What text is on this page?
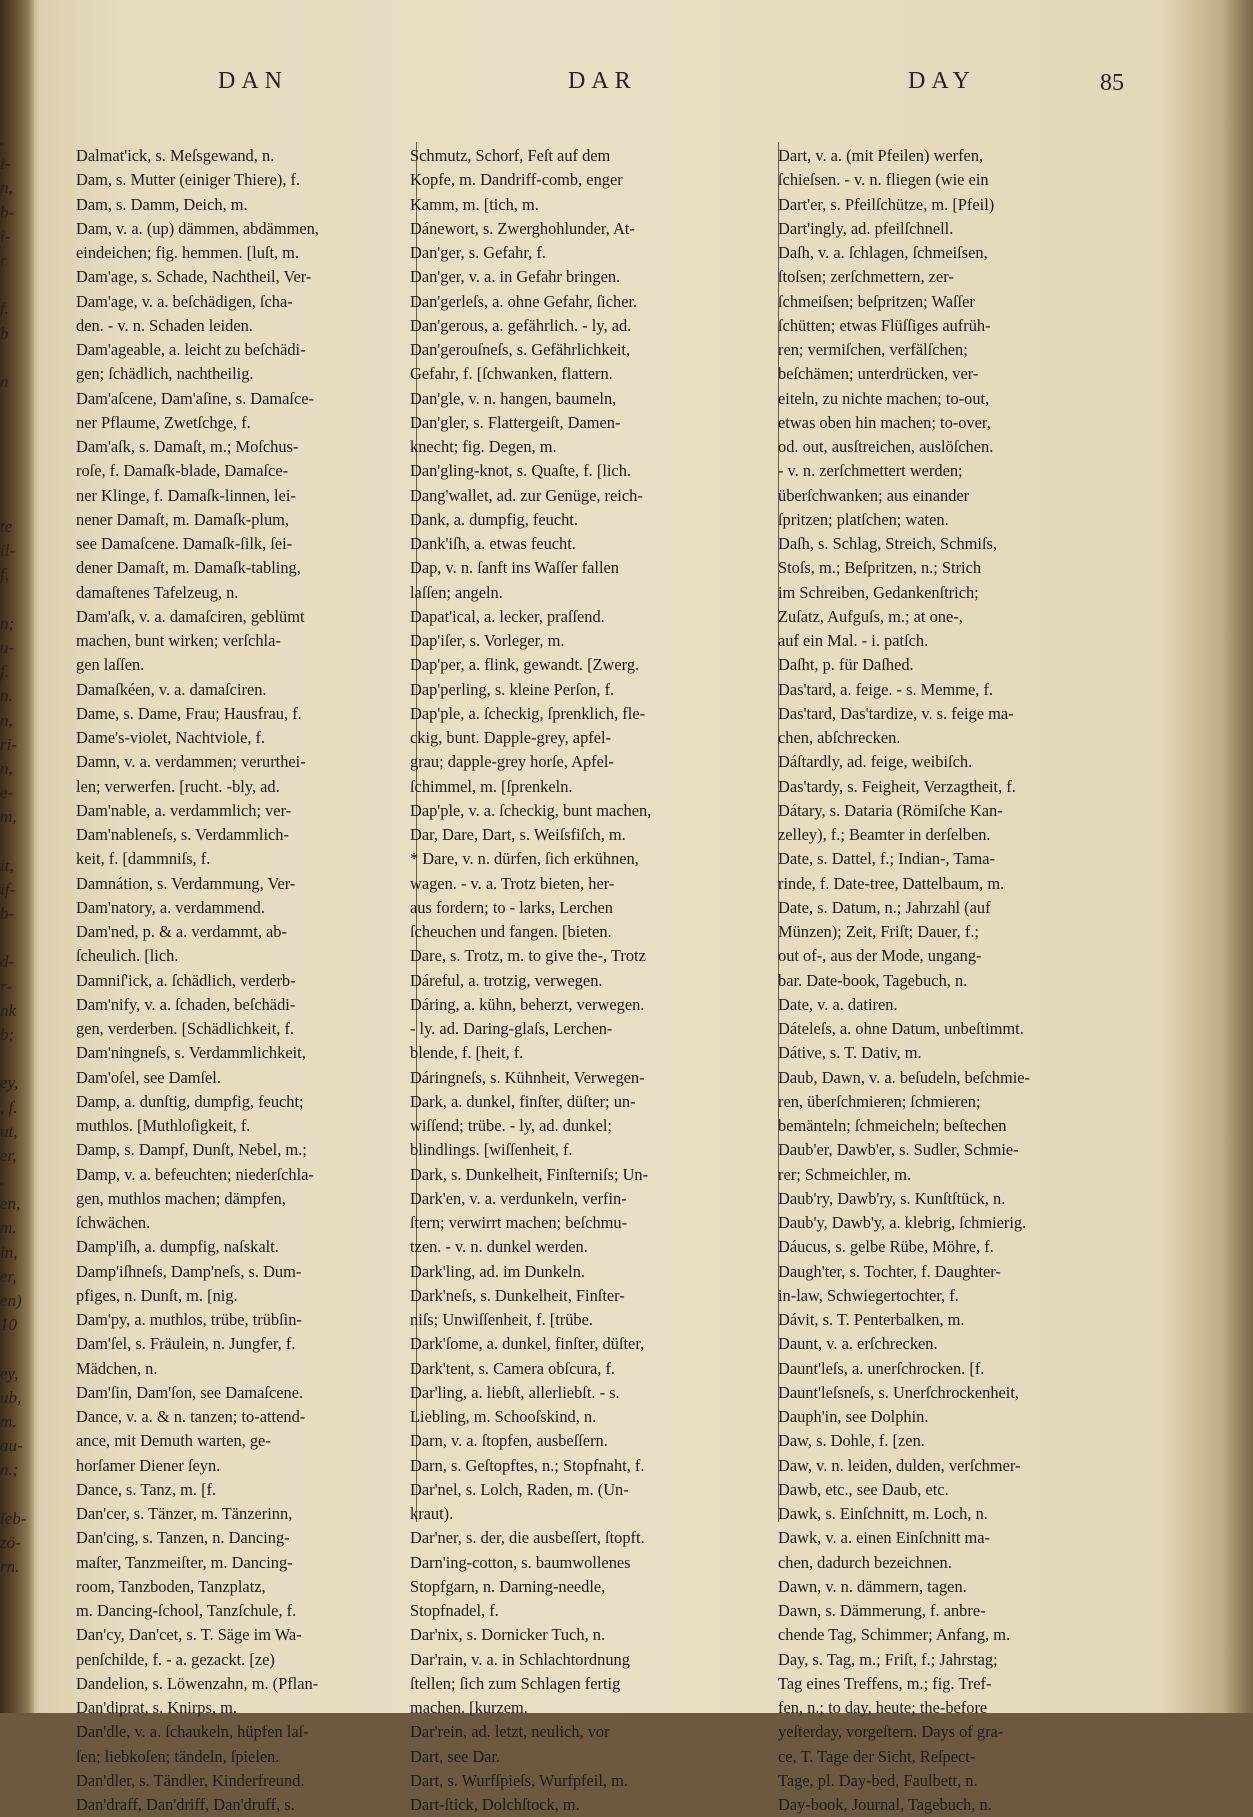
.
i-
n,
b-
i-
r
f.
b
n
te
il-
f,
n;
u-
f.
n.
n,
ri-
n,
e-
m,
it,
if-
b-
d-
r-
nk
b;
ey,
, f.
ut,
er,
.
en,
m.
in,
er,
en)
10
ey,
ub,
m.
au-
n.;
ieb-
zö-
rn.
DAN	DAR	DAY	85
Dalmat'ick, s. Meſsgewand, n.
Dam, s. Mutter (einiger Thiere), f.
Dam, s. Damm, Deich, m.
Dam, v. a. (up) dämmen, abdämmen,
eindeichen; fig. hemmen. [luſt, m.
Dam'age, s. Schade, Nachtheil, Ver-
Dam'age, v. a. beſchädigen, ſcha-
den. - v. n. Schaden leiden.
Dam'ageable, a. leicht zu beſchädi-
gen; ſchädlich, nachtheilig.
Dam'aſcene, Dam'aſine, s. Damaſce-
ner Pflaume, Zwetſchge, f.
Dam'aſk, s. Damaſt, m.; Moſchus-
roſe, f. Damaſk-blade, Damaſce-
ner Klinge, f. Damaſk-linnen, lei-
nener Damaſt, m. Damaſk-plum,
see Damaſcene. Damaſk-ſilk, ſei-
dener Damaſt, m. Damaſk-tabling,
damaſtenes Tafelzeug, n.
Dam'aſk, v. a. damaſciren, geblümt
machen, bunt wirken; verſchla-
gen laſſen.
Damaſkéen, v. a. damaſciren.
Dame, s. Dame, Frau; Hausfrau, f.
Dame's-violet, Nachtviole, f.
Damn, v. a. verdammen; verurthei-
len; verwerfen. [rucht. -bly, ad.
Dam'nable, a. verdammlich; ver-
Dam'nableneſs, s. Verdammlich-
keit, f. [dammniſs, f.
Damnátion, s. Verdammung, Ver-
Dam'natory, a. verdammend.
Dam'ned, p. & a. verdammt, ab-
ſcheulich. [lich.
Damniſ'ick, a. ſchädlich, verderb-
Dam'nify, v. a. ſchaden, beſchädi-
gen, verderben. [Schädlichkeit, f.
Dam'ningneſs, s. Verdammlichkeit,
Dam'oſel, see Damſel.
Damp, a. dunſtig, dumpfig, feucht;
muthlos. [Muthloſigkeit, f.
Damp, s. Dampf, Dunſt, Nebel, m.;
Damp, v. a. befeuchten; niederſchla-
gen, muthlos machen; dämpfen,
ſchwächen.
Damp'iſh, a. dumpfig, naſskalt.
Damp'iſhneſs, Damp'neſs, s. Dum-
pfiges, n. Dunſt, m. [nig.
Dam'py, a. muthlos, trübe, trübſin-
Dam'ſel, s. Fräulein, n. Jungfer, f.
Mädchen, n.
Dam'ſin, Dam'ſon, see Damaſcene.
Dance, v. a. & n. tanzen; to-attend-
ance, mit Demuth warten, ge-
horſamer Diener ſeyn.
Dance, s. Tanz, m. [f.
Dan'cer, s. Tänzer, m. Tänzerinn,
Dan'cing, s. Tanzen, n. Dancing-
maſter, Tanzmeiſter, m. Dancing-
room, Tanzboden, Tanzplatz,
m. Dancing-ſchool, Tanzſchule, f.
Dan'cy, Dan'cet, s. T. Säge im Wa-
penſchilde, f. - a. gezackt. [ze)
Dandelion, s. Löwenzahn, m. (Pflan-
Dan'diprat, s. Knirps, m.
Dan'dle, v. a. ſchaukeln, hüpfen laſ-
ſen; liebkoſen; tändeln, ſpielen.
Dan'dler, s. Tändler, Kinderfreund.
Dan'draff, Dan'driff, Dan'druff, s.
Schmutz, Schorf, Feſt auf dem
Kopfe, m. Dandriff-comb, enger
Kamm, m. [tich, m.
Dánewort, s. Zwerghohlunder, At-
Dan'ger, s. Gefahr, f.
Dan'ger, v. a. in Gefahr bringen.
Dan'gerleſs, a. ohne Gefahr, ſicher.
Dan'gerous, a. gefährlich. - ly, ad.
Dan'gerouſneſs, s. Gefährlichkeit,
Gefahr, f. [ſchwanken, flattern.
Dan'gle, v. n. hangen, baumeln,
Dan'gler, s. Flattergeiſt, Damen-
knecht; fig. Degen, m.
Dan'gling-knot, s. Quaſte, f. [lich.
Dang'wallet, ad. zur Genüge, reich-
Dank, a. dumpfig, feucht.
Dank'iſh, a. etwas feucht.
Dap, v. n. ſanft ins Waſſer fallen
laſſen; angeln.
Dapat'ical, a. lecker, praſſend.
Dap'iſer, s. Vorleger, m.
Dap'per, a. flink, gewandt. [Zwerg.
Dap'perling, s. kleine Perſon, f.
Dap'ple, a. ſcheckig, ſprenklich, fle-
ckig, bunt. Dapple-grey, apfel-
grau; dapple-grey horſe, Apfel-
ſchimmel, m. [ſprenkeln.
Dap'ple, v. a. ſcheckig, bunt machen,
Dar, Dare, Dart, s. Weiſsfiſch, m.
* Dare, v. n. dürfen, ſich erkühnen,
wagen. - v. a. Trotz bieten, her-
aus fordern; to - larks, Lerchen
ſcheuchen und fangen. [bieten.
Dare, s. Trotz, m. to give the-, Trotz
Dáreful, a. trotzig, verwegen.
Dáring, a. kühn, beherzt, verwegen.
- ly. ad. Daring-glaſs, Lerchen-
blende, f. [heit, f.
Dáringneſs, s. Kühnheit, Verwegen-
Dark, a. dunkel, finſter, düſter; un-
wiſſend; trübe. - ly, ad. dunkel;
blindlings. [wiſſenheit, f.
Dark, s. Dunkelheit, Finſterniſs; Un-
Dark'en, v. a. verdunkeln, verfin-
ſtern; verwirrt machen; beſchmu-
tzen. - v. n. dunkel werden.
Dark'ling, ad. im Dunkeln.
Dark'neſs, s. Dunkelheit, Finſter-
niſs; Unwiſſenheit, f. [trübe.
Dark'ſome, a. dunkel, finſter, düſter,
Dark'tent, s. Camera obſcura, f.
Dar'ling, a. liebſt, allerliebſt. - s.
Liebling, m. Schooſskind, n.
Darn, v. a. ſtopfen, ausbeſſern.
Darn, s. Geſtopftes, n.; Stopfnaht, f.
Dar'nel, s. Lolch, Raden, m. (Un-
kraut).
Dar'ner, s. der, die ausbeſſert, ſtopft.
Darn'ing-cotton, s. baumwollenes
Stopfgarn, n. Darning-needle,
Stopfnadel, f.
Dar'nix, s. Dornicker Tuch, n.
Dar'rain, v. a. in Schlachtordnung
ſtellen; ſich zum Schlagen fertig
machen. [kurzem.
Dar'rein, ad. letzt, neulich, vor
Dart, see Dar.
Dart, s. Wurfſpieſs, Wurfpfeil, m.
Dart-ſtick, Dolchſtock, m.
Dart, v. a. (mit Pfeilen) werfen,
ſchieſsen. - v. n. fliegen (wie ein
Dart'er, s. Pfeilſchütze, m. [Pfeil)
Dart'ingly, ad. pfeilſchnell.
Daſh, v. a. ſchlagen, ſchmeiſsen,
ſtoſsen; zerſchmettern, zer-
ſchmeiſsen; beſpritzen; Waſſer
ſchütten; etwas Flüſſiges aufrüh-
ren; vermiſchen, verfälſchen;
beſchämen; unterdrücken, ver-
eiteln, zu nichte machen; to-out,
etwas oben hin machen; to-over,
od. out, ausſtreichen, auslöſchen.
- v. n. zerſchmettert werden;
überſchwanken; aus einander
ſpritzen; platſchen; waten.
Daſh, s. Schlag, Streich, Schmiſs,
Stoſs, m.; Beſpritzen, n.; Strich
im Schreiben, Gedankenſtrich;
Zuſatz, Aufguſs, m.; at one-,
auf ein Mal. - i. patſch.
Daſht, p. für Daſhed.
Das'tard, a. feige. - s. Memme, f.
Das'tard, Das'tardize, v. s. feige ma-
chen, abſchrecken.
Dáſtardly, ad. feige, weibiſch.
Das'tardy, s. Feigheit, Verzagtheit, f.
Dátary, s. Dataria (Römiſche Kan-
zelley), f.; Beamter in derſelben.
Date, s. Dattel, f.; Indian-, Tama-
rinde, f. Date-tree, Dattelbaum, m.
Date, s. Datum, n.; Jahrzahl (auf
Münzen); Zeit, Friſt; Dauer, f.;
out of-, aus der Mode, ungang-
bar. Date-book, Tagebuch, n.
Date, v. a. datiren.
Dáteleſs, a. ohne Datum, unbeſtimmt.
Dátive, s. T. Dativ, m.
Daub, Dawn, v. a. beſudeln, beſchmie-
ren, überſchmieren; ſchmieren;
bemänteln; ſchmeicheln; beſtechen
Daub'er, Dawb'er, s. Sudler, Schmie-
rer; Schmeichler, m.
Daub'ry, Dawb'ry, s. Kunſtſtück, n.
Daub'y, Dawb'y, a. klebrig, ſchmierig.
Dáucus, s. gelbe Rübe, Möhre, f.
Daugh'ter, s. Tochter, f. Daughter-
in-law, Schwiegertochter, f.
Dávit, s. T. Penterbalken, m.
Daunt, v. a. erſchrecken.
Daunt'leſs, a. unerſchrocken. [f.
Daunt'leſsneſs, s. Unerſchrockenheit,
Dauph'in, see Dolphin.
Daw, s. Dohle, f. [zen.
Daw, v. n. leiden, dulden, verſchmer-
Dawb, etc., see Daub, etc.
Dawk, s. Einſchnitt, m. Loch, n.
Dawk, v. a. einen Einſchnitt ma-
chen, dadurch bezeichnen.
Dawn, v. n. dämmern, tagen.
Dawn, s. Dämmerung, f. anbre-
chende Tag, Schimmer; Anfang, m.
Day, s. Tag, m.; Friſt, f.; Jahrstag;
Tag eines Treffens, m.; fig. Tref-
fen, n.; to day, heute; the-before
yeſterday, vorgeſtern. Days of gra-
ce, T. Tage der Sicht, Reſpect-
Tage, pl. Day-bed, Faulbett, n.
Day-book, Journal, Tagebuch, n.
